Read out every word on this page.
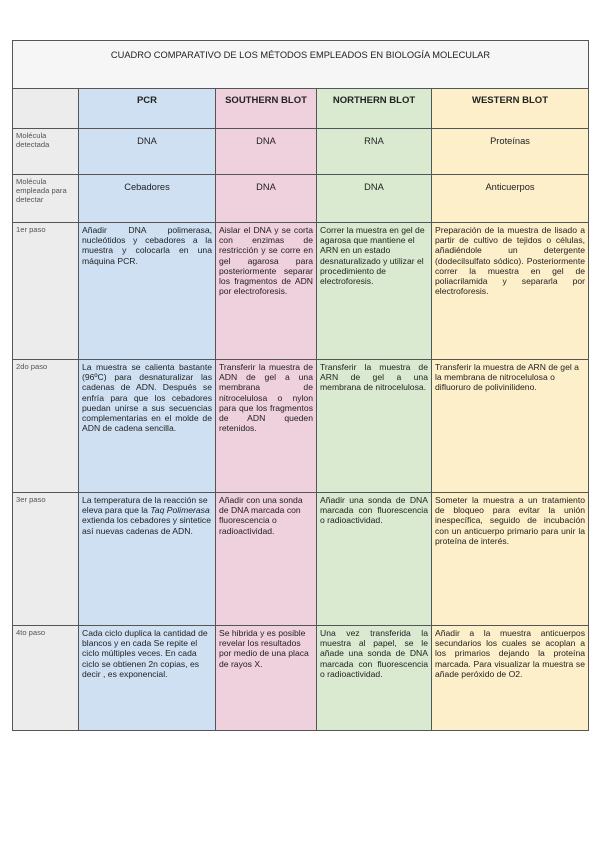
CUADRO COMPARATIVO DE LOS MÉTODOS EMPLEADOS EN BIOLOGÍA MOLECULAR				
	PCR	SOUTHERN BLOT	NORTHERN BLOT	WESTERN BLOT
Molécula detectada	DNA	DNA	RNA	Proteínas
Molécula empleada para detectar	Cebadores	DNA	DNA	Anticuerpos
1er paso	Añadir DNA polimerasa, nucleótidos y cebadores a la muestra y colocarla en una máquina PCR.	Aislar el DNA y se corta con enzimas de restricción y se corre en gel agarosa para posteriormente separar los fragmentos de ADN por electroforesis.	Correr la muestra en gel de agarosa que mantiene el ARN en un estado desnaturalizado y utilizar el procedimiento de electroforesis.	Preparación de la muestra de lisado a partir de cultivo de tejidos o células, añadiéndole un detergente (dodecilsulfato sódico). Posteriormente correr la muestra en gel de poliacrilamida y separarla por electroforesis.
2do paso	La muestra se calienta bastante (96ºC) para desnaturalizar las cadenas de ADN. Después se enfría para que los cebadores puedan unirse a sus secuencias complementarias en el molde de ADN de cadena sencilla.	Transferir la muestra de ADN de gel a una membrana de nitrocelulosa o nylon para que los fragmentos de ADN queden retenidos.	Transferir la muestra de ARN de gel a una membrana de nitrocelulosa.	Transferir la muestra de ARN de gel a la membrana de nitrocelulosa o difluoruro de polivinilideno.
3er paso	La temperatura de la reacción se eleva para que la Taq Polimerasa extienda los cebadores y sintetice así nuevas cadenas de ADN.	Añadir con una sonda de DNA marcada con fluorescencia o radioactividad.	Añadir una sonda de DNA marcada con fluorescencia o radioactividad.	Someter la muestra a un tratamiento de bloqueo para evitar la unión inespecífica, seguido de incubación con un anticuerpo primario para unir la proteína de interés.
4to paso	Cada ciclo duplica la cantidad de blancos y en cada Se repite el ciclo múltiples veces. En cada ciclo se obtienen 2n copias, es decir , es exponencial.	Se hibrida y es posible revelar los resultados por medio de una placa de rayos X.	Una vez transferida la muestra al papel, se le añade una sonda de DNA marcada con fluorescencia o radioactividad.	Añadir a la muestra anticuerpos secundarios los cuales se acoplan a los primarios dejando la proteína marcada. Para visualizar la muestra se añade peróxido de O2.
